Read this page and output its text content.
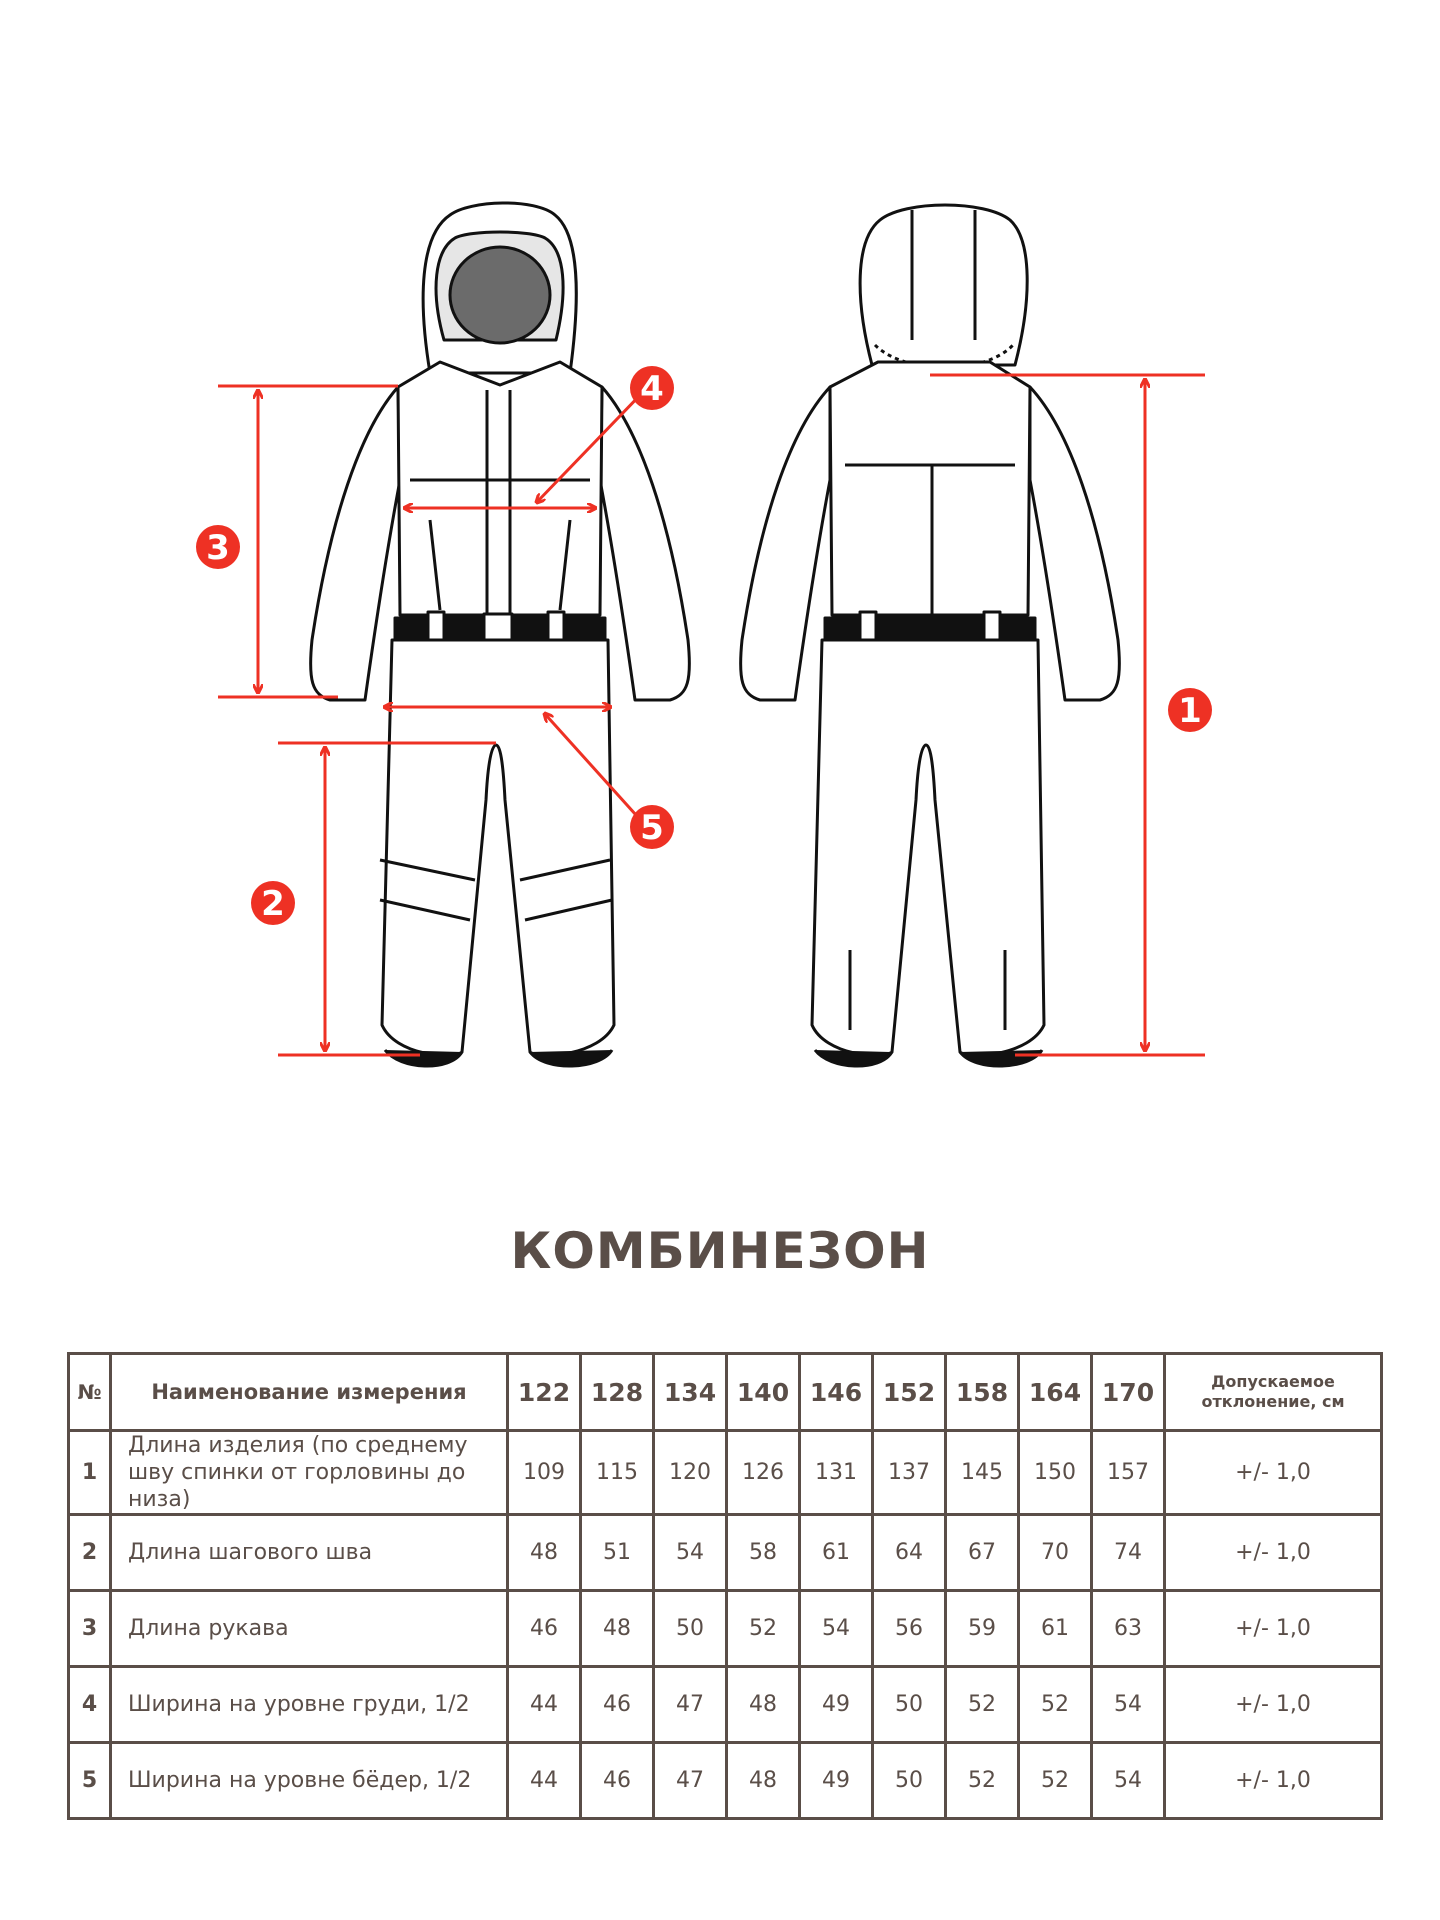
1
2
3
4
5
КОМБИНЕЗОН
№	Наименование измерения	122	128	134	140	146	152	158	164	170	Допускаемое отклонение, см
1	Длина изделия (по среднему шву спинки от горловины до низа)	109	115	120	126	131	137	145	150	157	+/- 1,0
2	Длина шагового шва	48	51	54	58	61	64	67	70	74	+/- 1,0
3	Длина рукава	46	48	50	52	54	56	59	61	63	+/- 1,0
4	Ширина на уровне груди, 1/2	44	46	47	48	49	50	52	52	54	+/- 1,0
5	Ширина на уровне бёдер, 1/2	44	46	47	48	49	50	52	52	54	+/- 1,0
